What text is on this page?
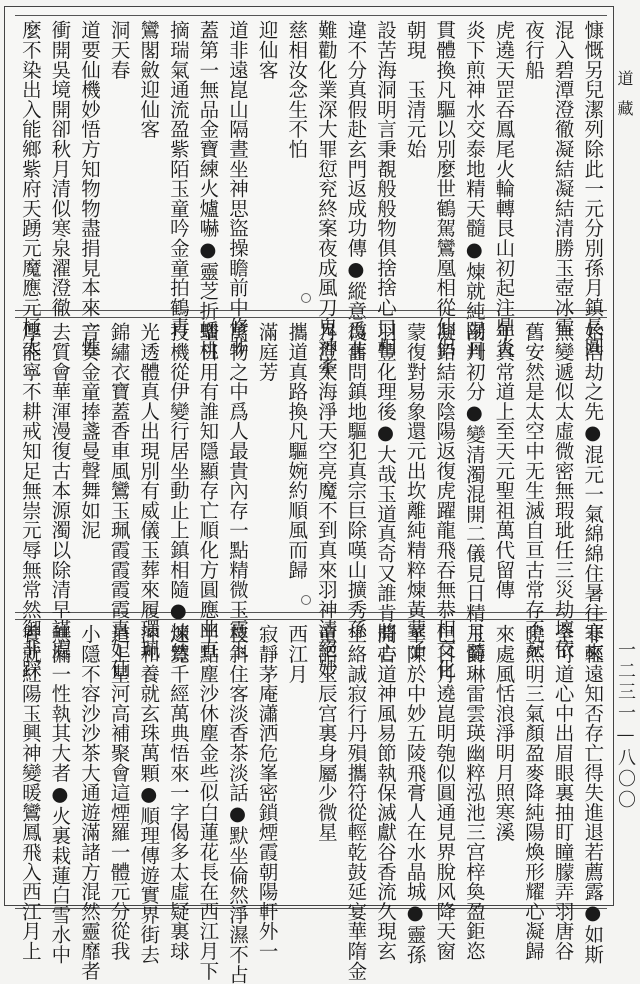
慷慨另兒潔列除此一元分別孫月鎮長圓
混入碧潭澄徹凝結凝結清勝玉壺冰雪
夜行船
虎遶天罡吞鳳尾火輪轉艮山初起注鼎炎
炎下煎神水交泰地精天髓●煉就純陽丹
貫體換凡驅以別麼世鶴駕鸞凰相從仙侶
朝現　玉清元始
設苦海洞明言秉覩般般物俱捨捨心口相
違不分真假赴玄門返成功傳●縱意爲非
難勸化業深大罪愆兖終案夜成風刀鬼神牽
慈相汝念生不怕
迎仙客
道非遠崑山隔晝坐神思盜操瞻前中修非
蓋第一無品金寶練火爐嚇●靈芝折蟠桃
摘瑞氣通流盈紫陌玉童吟金童拍鶴青
鸞閣斂迎仙客
洞天春
道要仙機妙悟方知物物盡捐見本來一性
衝開吳境開卻秋月清似寒泉濯澄徹
麼不染出入能鄉紫府天踴元魔應元極太
始浩劫之先●混元一氣綿綿住暑往寒來
無變遞似太虛微密無瑕玼任三災劫壞依
舊安然是太空中无生滅自亘古常存不記
年真常道上至天元聖祖萬代留傳
剖判初分●變清濁混開二儀見日精月髓
凝鉛結汞陰陽返復虎躍龍飛吞無恭相交化
蒙復對易象還元出坎離純精粹煉黃蒙子
羽豐化理後●大哉玉道真奇又誰肯將心
復舊問鎮地驅犯真宗巨除嘆山擴秀孫
月澄太海淨天空亮魔不到真來羽神清絕妙
攜道真路換凡驅婉約順風而歸
滿庭芳
萬物之中爲人最貴內存一點精微玉靈玉
聖日用有誰知隱顯存亡順化方圓應曲直
投機從伊變行居坐動止上鎮相隨●煉然
光透體真人出現別有威儀玉葬來履環珮
錦繡衣寶蓋香車風鸞玉珮霞霞霞霞真妃仙
音奏金童捧盞曼聲舞如泥
去質會華渾漫復古本源濁以除清早謹處
厚能寧不耕戒知足無崇元辱無常然御非踩
非輕遠知否存亡得失進退若薦露●如斯
全可道心中出眉眼裏抽盯瞳朦弄羽唐谷
曉然明三氣顏盈麥降純陽煥形耀心凝歸
來處風恬浪淨明月照寒溪
玉爵琳雷雲瑛幽粹泓池三宫梓奐盈鉅恣
巳日月遶崑明匏似圓通見界脫风降天窗
華陳於中妙五陵飛膏人在水晶城●靈孫
開吉道神風易節執保滅獻谷香流久現玄
坐絡誠寂行丹殞攜符從輕乾鼓延宴華隋金
童詔玉辰宫裏身屬少微星
西江月
寂靜茅庵瀟洒危峯密鎖煙霞朝陽軒外一
枝斜住客淡香茶淡話●默坐倫然淨濕不占
半點塵沙休塵金些似白蓮花長在西江月下
迷覽千經萬典悟來一字偈多太虛疑裏球
沖和養就玄珠萬顆●順理傳遊實界街去
道上星河高補聚會這煙羅一體元分從我
小隱不容沙沙茶大通遊滿諸方混然靈靡者
無漏一性執其大者●火裏栽蓮白雪水中
養就紅陽玉興神變暖鸞鳳飛入西江月上
道藏
一二三一—八〇〇
